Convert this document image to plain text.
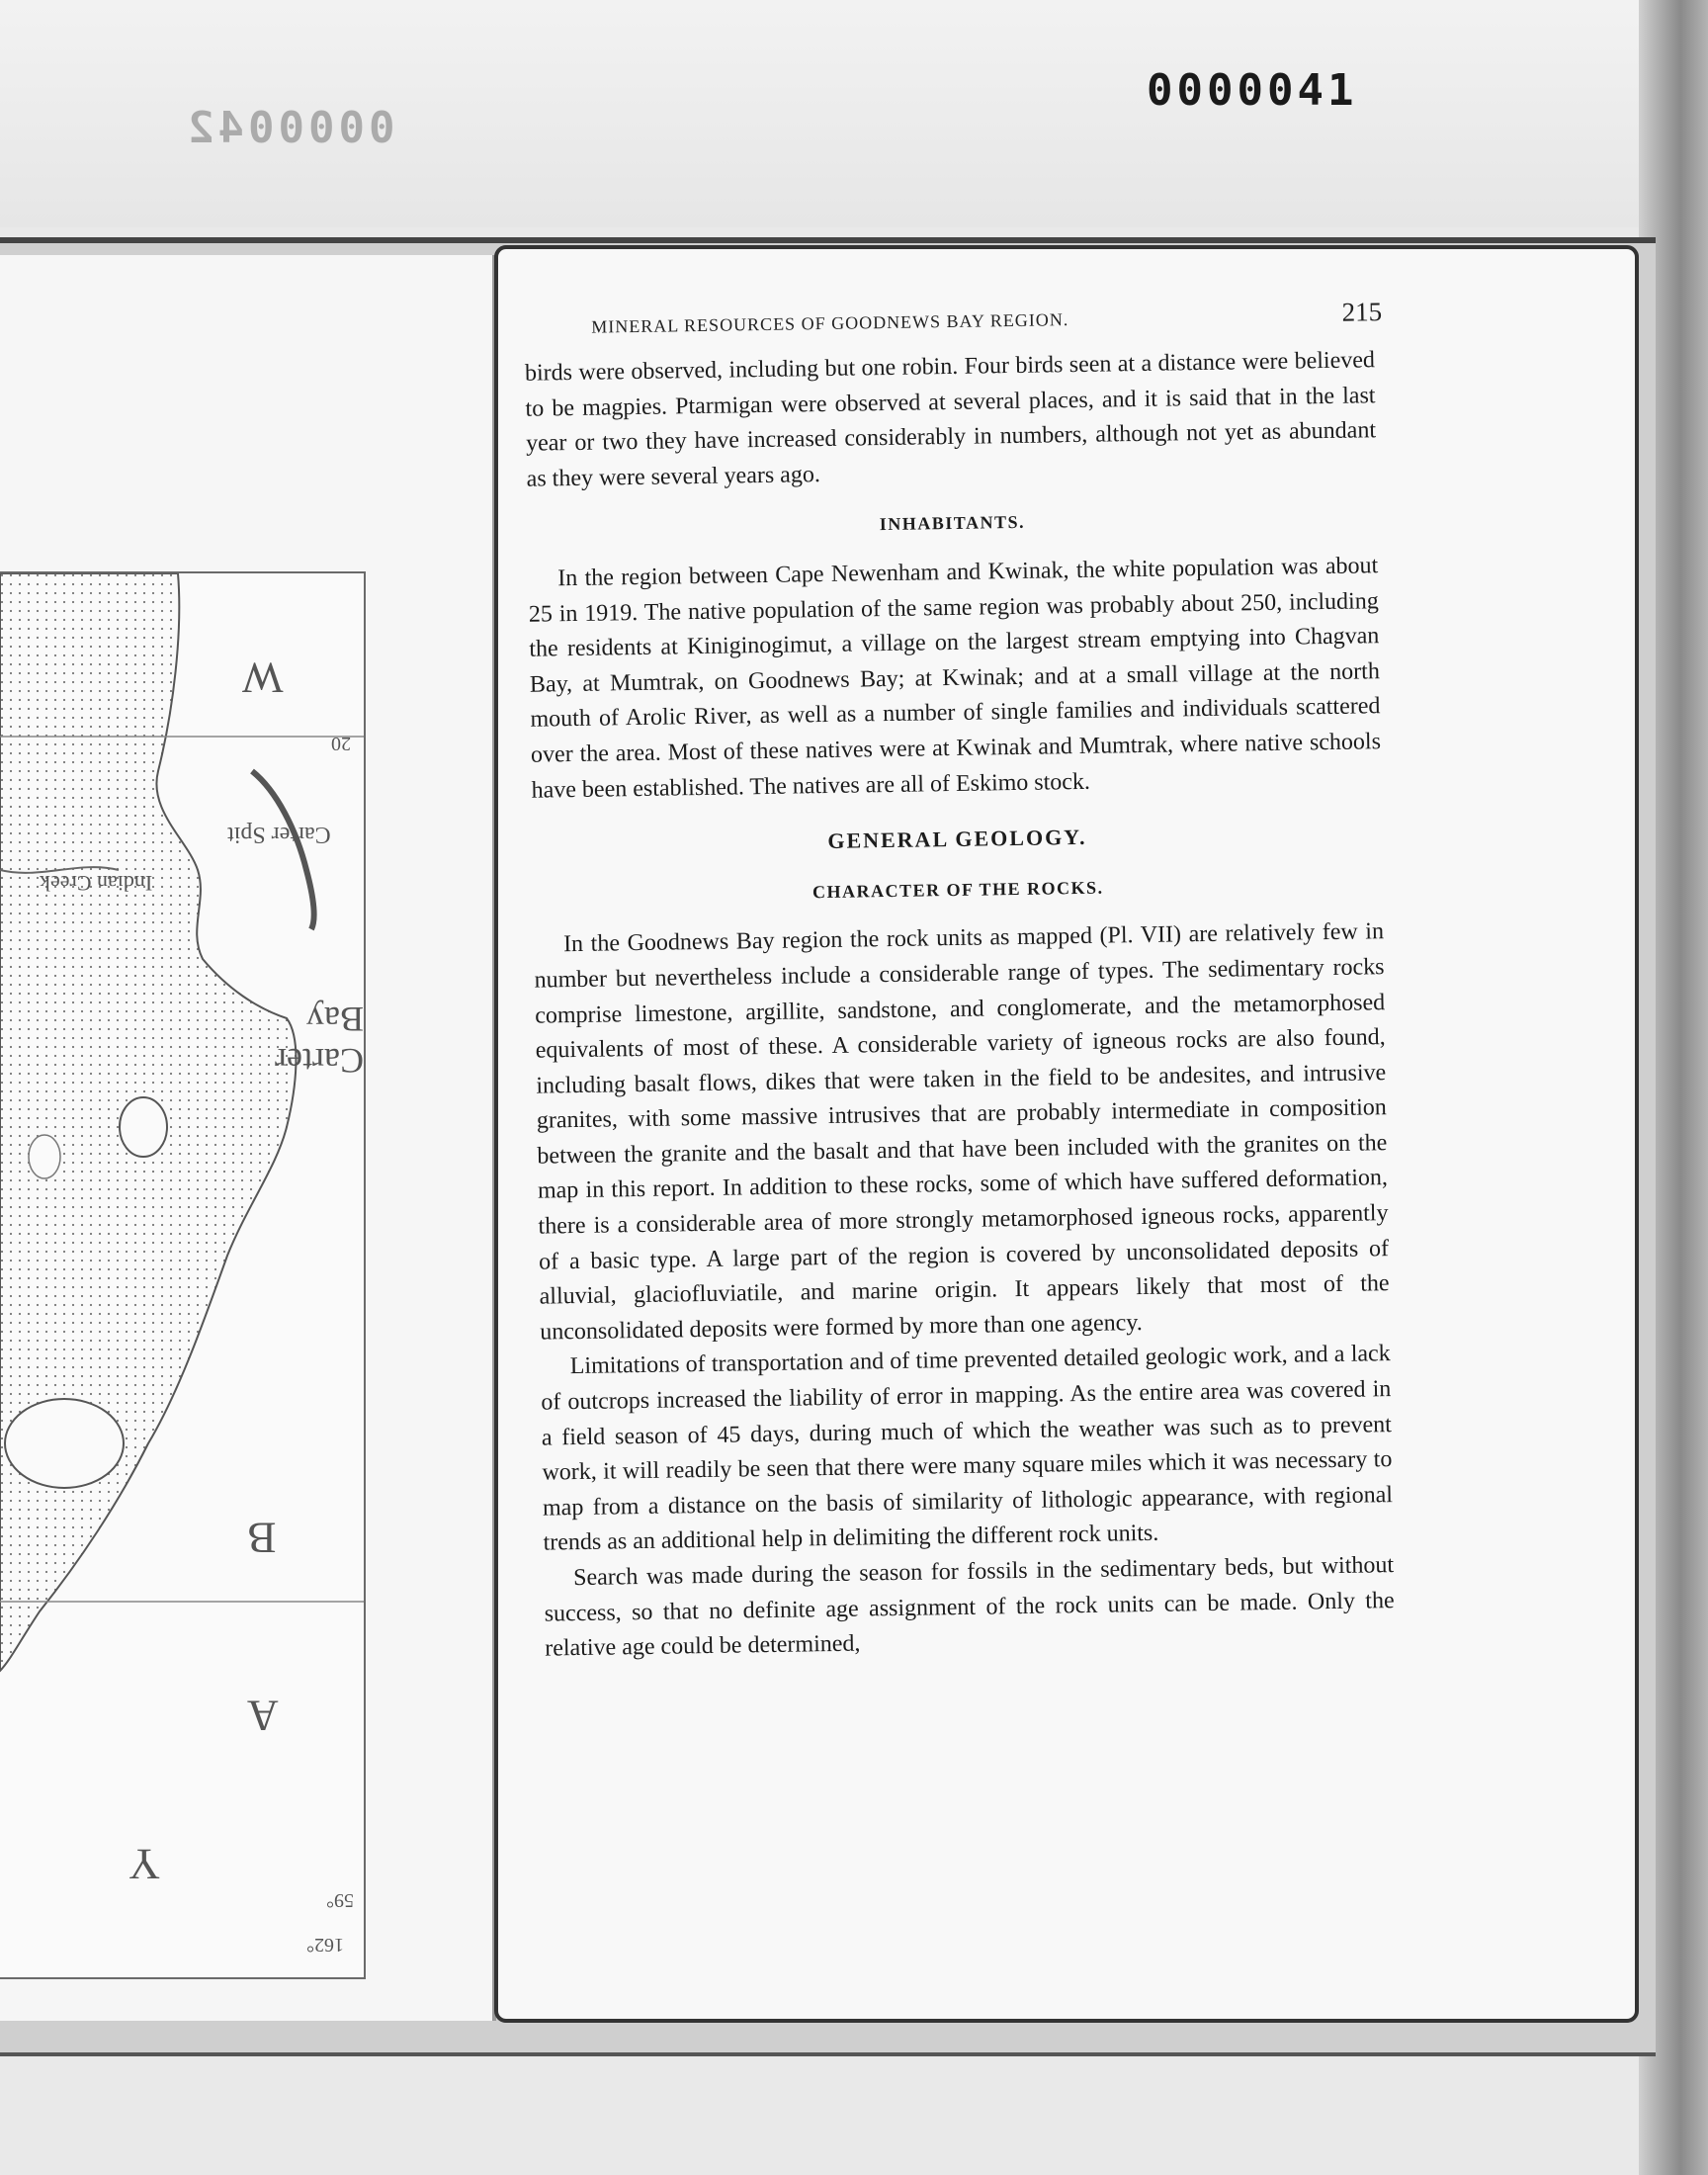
0000042
0000041
Carter Spit
Carter Bay
Indian Creek
20
59°
162°
W
B
A
Y
MINERAL RESOURCES OF GOODNEWS BAY REGION.	215

birds were observed, including but one robin. Four birds seen at a distance were believed to be magpies. Ptarmigan were observed at several places, and it is said that in the last year or two they have increased considerably in numbers, although not yet as abundant as they were several years ago.

INHABITANTS.

In the region between Cape Newenham and Kwinak, the white population was about 25 in 1919. The native population of the same region was probably about 250, including the residents at Kiniginogimut, a village on the largest stream emptying into Chagvan Bay, at Mumtrak, on Goodnews Bay; at Kwinak; and at a small village at the north mouth of Arolic River, as well as a number of single families and individuals scattered over the area. Most of these natives were at Kwinak and Mumtrak, where native schools have been established. The natives are all of Eskimo stock.

GENERAL GEOLOGY.
CHARACTER OF THE ROCKS.

In the Goodnews Bay region the rock units as mapped (Pl. VII) are relatively few in number but nevertheless include a considerable range of types. The sedimentary rocks comprise limestone, argillite, sandstone, and conglomerate, and the metamorphosed equivalents of most of these. A considerable variety of igneous rocks are also found, including basalt flows, dikes that were taken in the field to be andesites, and intrusive granites, with some massive intrusives that are probably intermediate in composition between the granite and the basalt and that have been included with the granites on the map in this report. In addition to these rocks, some of which have suffered deformation, there is a considerable area of more strongly metamorphosed igneous rocks, apparently of a basic type. A large part of the region is covered by unconsolidated deposits of alluvial, glaciofluviatile, and marine origin. It appears likely that most of the unconsolidated deposits were formed by more than one agency.

Limitations of transportation and of time prevented detailed geologic work, and a lack of outcrops increased the liability of error in mapping. As the entire area was covered in a field season of 45 days, during much of which the weather was such as to prevent work, it will readily be seen that there were many square miles which it was necessary to map from a distance on the basis of similarity of lithologic appearance, with regional trends as an additional help in delimiting the different rock units.

Search was made during the season for fossils in the sedimentary beds, but without success, so that no definite age assignment of the rock units can be made. Only the relative age could be determined,
